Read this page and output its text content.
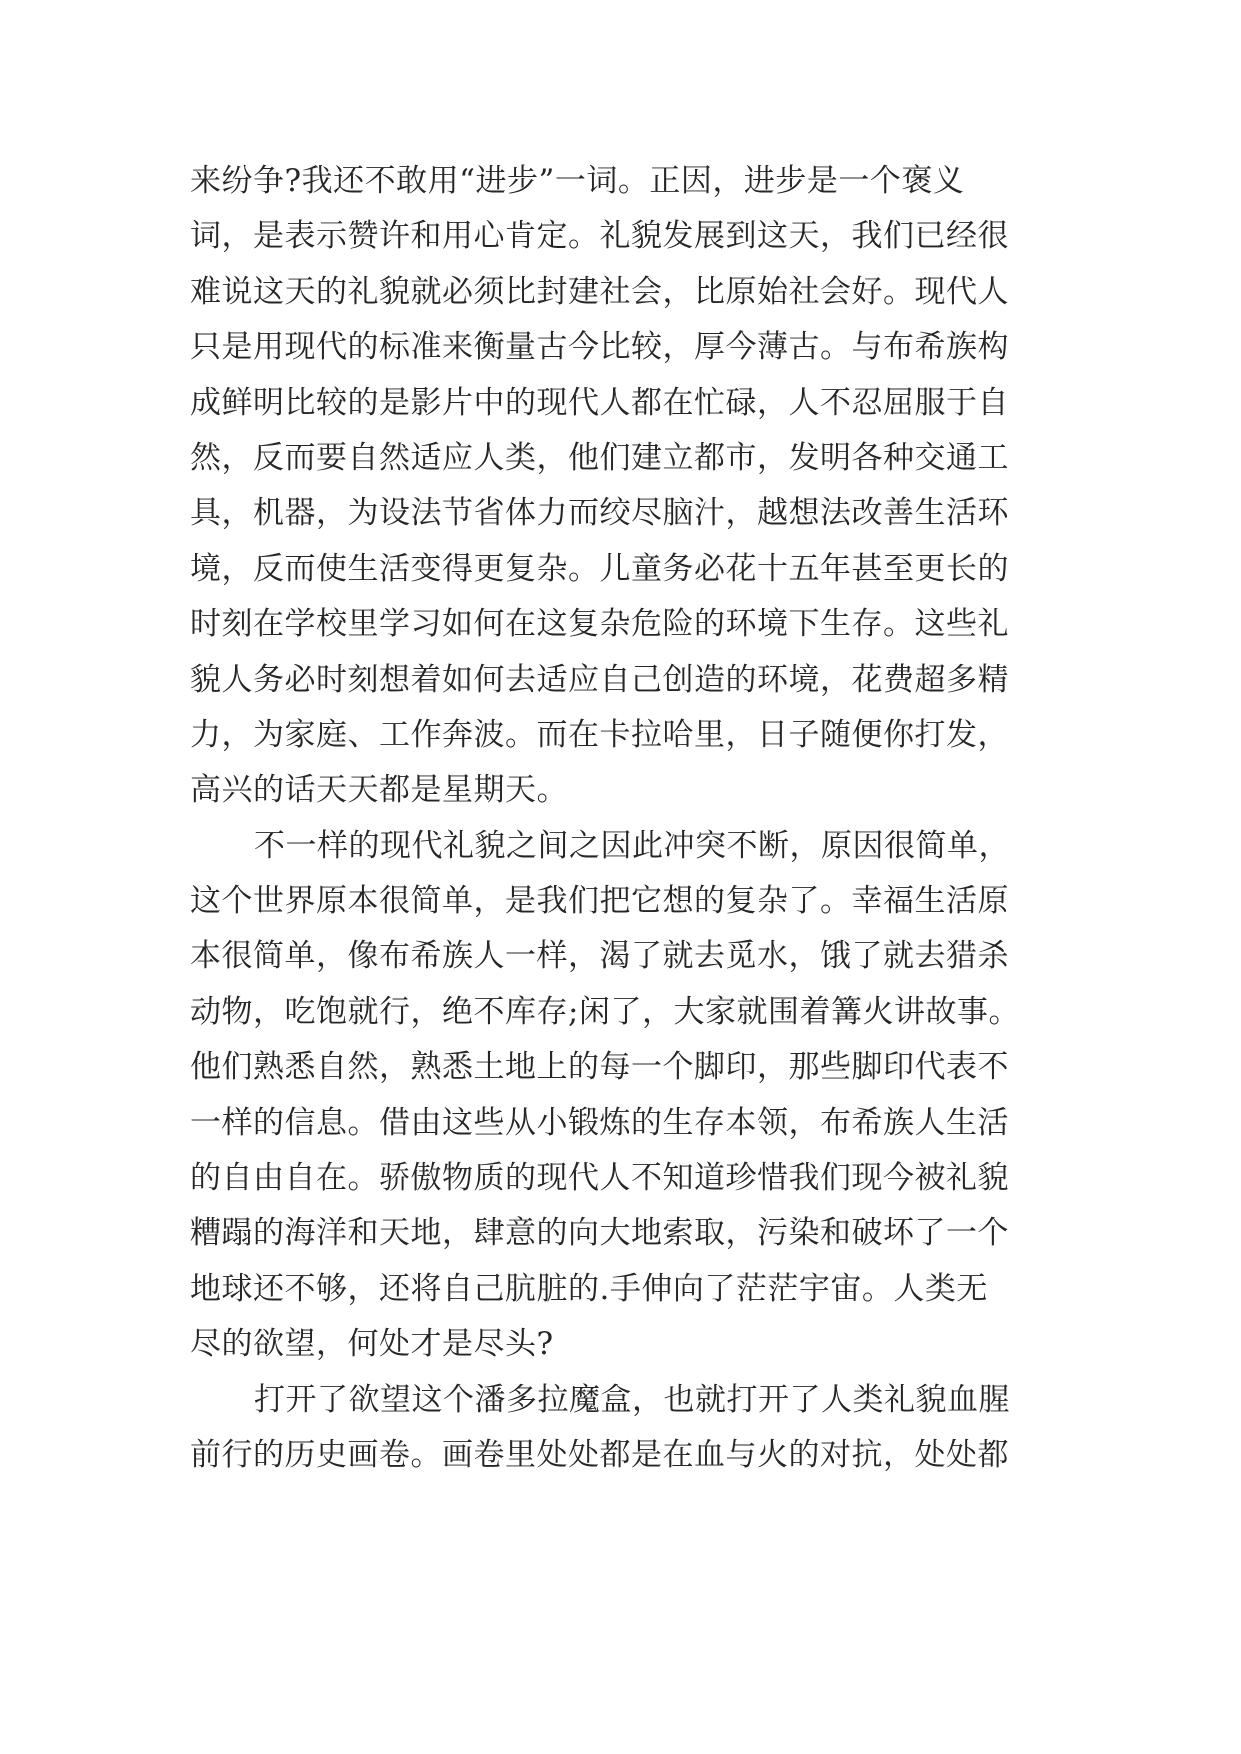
来纷争?我还不敢用“进步”一词。正因，进步是一个褒义
词，是表示赞许和用心肯定。礼貌发展到这天，我们已经很
难说这天的礼貌就必须比封建社会，比原始社会好。现代人
只是用现代的标准来衡量古今比较，厚今薄古。与布希族构
成鲜明比较的是影片中的现代人都在忙碌，人不忍屈服于自
然，反而要自然适应人类，他们建立都市，发明各种交通工
具，机器，为设法节省体力而绞尽脑汁，越想法改善生活环
境，反而使生活变得更复杂。儿童务必花十五年甚至更长的
时刻在学校里学习如何在这复杂危险的环境下生存。这些礼
貌人务必时刻想着如何去适应自己创造的环境，花费超多精
力，为家庭、工作奔波。而在卡拉哈里，日子随便你打发，
高兴的话天天都是星期天。
不一样的现代礼貌之间之因此冲突不断，原因很简单，
这个世界原本很简单，是我们把它想的复杂了。幸福生活原
本很简单，像布希族人一样，渴了就去觅水，饿了就去猎杀
动物，吃饱就行，绝不库存;闲了，大家就围着篝火讲故事。
他们熟悉自然，熟悉土地上的每一个脚印，那些脚印代表不
一样的信息。借由这些从小锻炼的生存本领，布希族人生活
的自由自在。骄傲物质的现代人不知道珍惜我们现今被礼貌
糟蹋的海洋和天地，肆意的向大地索取，污染和破坏了一个
地球还不够，还将自己肮脏的.手伸向了茫茫宇宙。人类无
尽的欲望，何处才是尽头?
打开了欲望这个潘多拉魔盒，也就打开了人类礼貌血腥
前行的历史画卷。画卷里处处都是在血与火的对抗，处处都
